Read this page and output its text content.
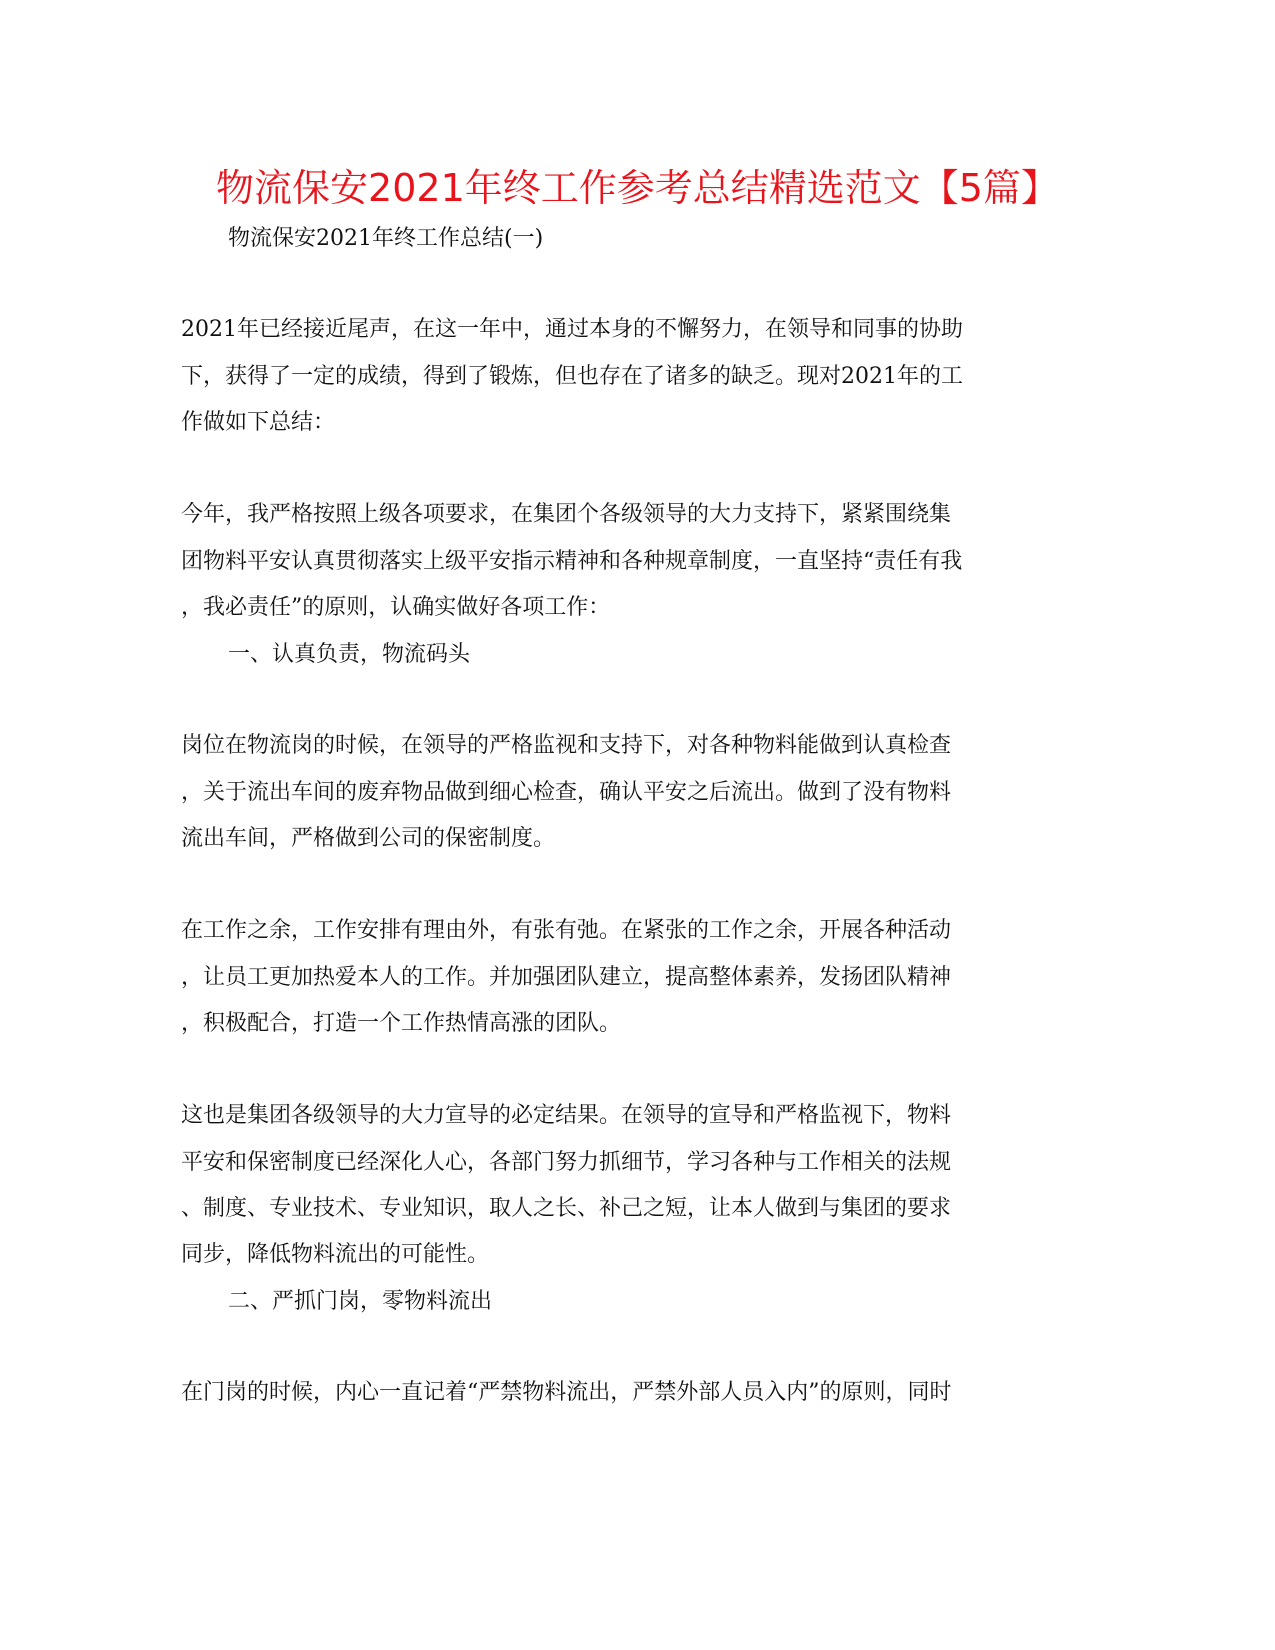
物流保安2021年终工作参考总结精选范文【5篇】
物流保安2021年终工作总结(一)
2021年已经接近尾声，在这一年中，通过本身的不懈努力，在领导和同事的协助
下，获得了一定的成绩，得到了锻炼，但也存在了诸多的缺乏。现对2021年的工
作做如下总结：
今年，我严格按照上级各项要求，在集团个各级领导的大力支持下，紧紧围绕集
团物料平安认真贯彻落实上级平安指示精神和各种规章制度，一直坚持“责任有我
，我必责任”的原则，认确实做好各项工作：
一、认真负责，物流码头
岗位在物流岗的时候，在领导的严格监视和支持下，对各种物料能做到认真检查
，关于流出车间的废弃物品做到细心检查，确认平安之后流出。做到了没有物料
流出车间，严格做到公司的保密制度。
在工作之余，工作安排有理由外，有张有弛。在紧张的工作之余，开展各种活动
，让员工更加热爱本人的工作。并加强团队建立，提高整体素养，发扬团队精神
，积极配合，打造一个工作热情高涨的团队。
这也是集团各级领导的大力宣导的必定结果。在领导的宣导和严格监视下，物料
平安和保密制度已经深化人心，各部门努力抓细节，学习各种与工作相关的法规
、制度、专业技术、专业知识，取人之长、补己之短，让本人做到与集团的要求
同步，降低物料流出的可能性。
二、严抓门岗，零物料流出
在门岗的时候，内心一直记着“严禁物料流出，严禁外部人员入内”的原则，同时
